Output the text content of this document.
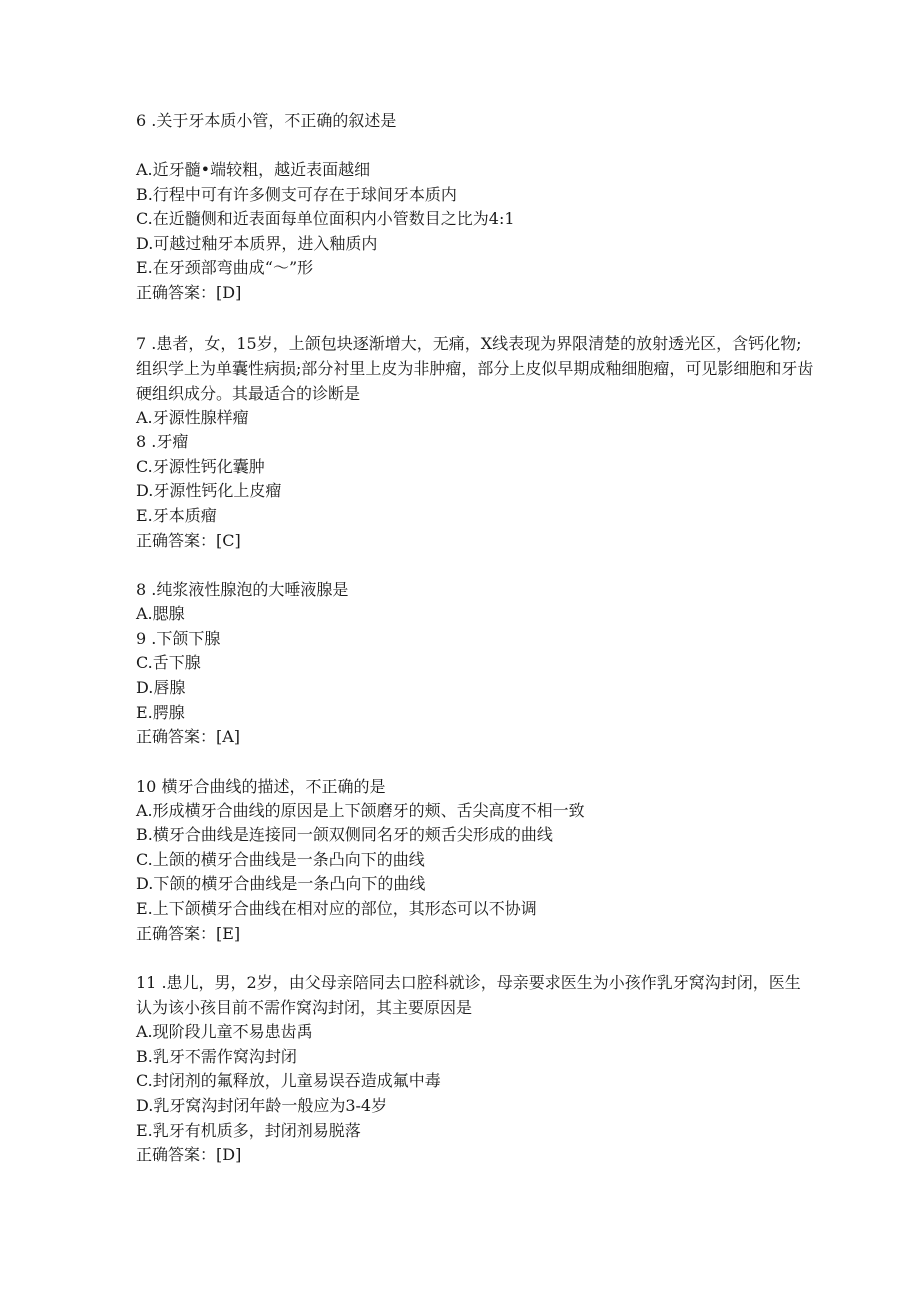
6 .关于牙本质小管，不正确的叙述是

A.近牙髓•端较粗，越近表面越细

B.行程中可有许多侧支可存在于球间牙本质内

C.在近髓侧和近表面每单位面积内小管数目之比为4:1

D.可越过釉牙本质界，进入釉质内

E.在牙颈部弯曲成“～”形

正确答案：[D]

7 .患者，女，15岁，上颌包块逐渐增大，无痛，X线表现为界限清楚的放射透光区，含钙化物;组织学上为单囊性病损;部分衬里上皮为非肿瘤，部分上皮似早期成釉细胞瘤，可见影细胞和牙齿硬组织成分。其最适合的诊断是

A.牙源性腺样瘤

8 .牙瘤

C.牙源性钙化囊肿

D.牙源性钙化上皮瘤

E.牙本质瘤

正确答案：[C]

8 .纯浆液性腺泡的大唾液腺是

A.腮腺

9 .下颌下腺

C.舌下腺

D.唇腺

E.腭腺

正确答案：[A]

10 横牙合曲线的描述，不正确的是

A.形成横牙合曲线的原因是上下颌磨牙的颊、舌尖高度不相一致

B.横牙合曲线是连接同一颌双侧同名牙的颊舌尖形成的曲线

C.上颌的横牙合曲线是一条凸向下的曲线

D.下颌的横牙合曲线是一条凸向下的曲线

E.上下颌横牙合曲线在相对应的部位，其形态可以不协调

正确答案：[E]

11 .患儿，男，2岁，由父母亲陪同去口腔科就诊，母亲要求医生为小孩作乳牙窝沟封闭，医生认为该小孩目前不需作窝沟封闭，其主要原因是

A.现阶段儿童不易患齿禹

B.乳牙不需作窝沟封闭

C.封闭剂的氟释放，儿童易误吞造成氟中毒

D.乳牙窝沟封闭年龄一般应为3-4岁

E.乳牙有机质多，封闭剂易脱落

正确答案：[D]
